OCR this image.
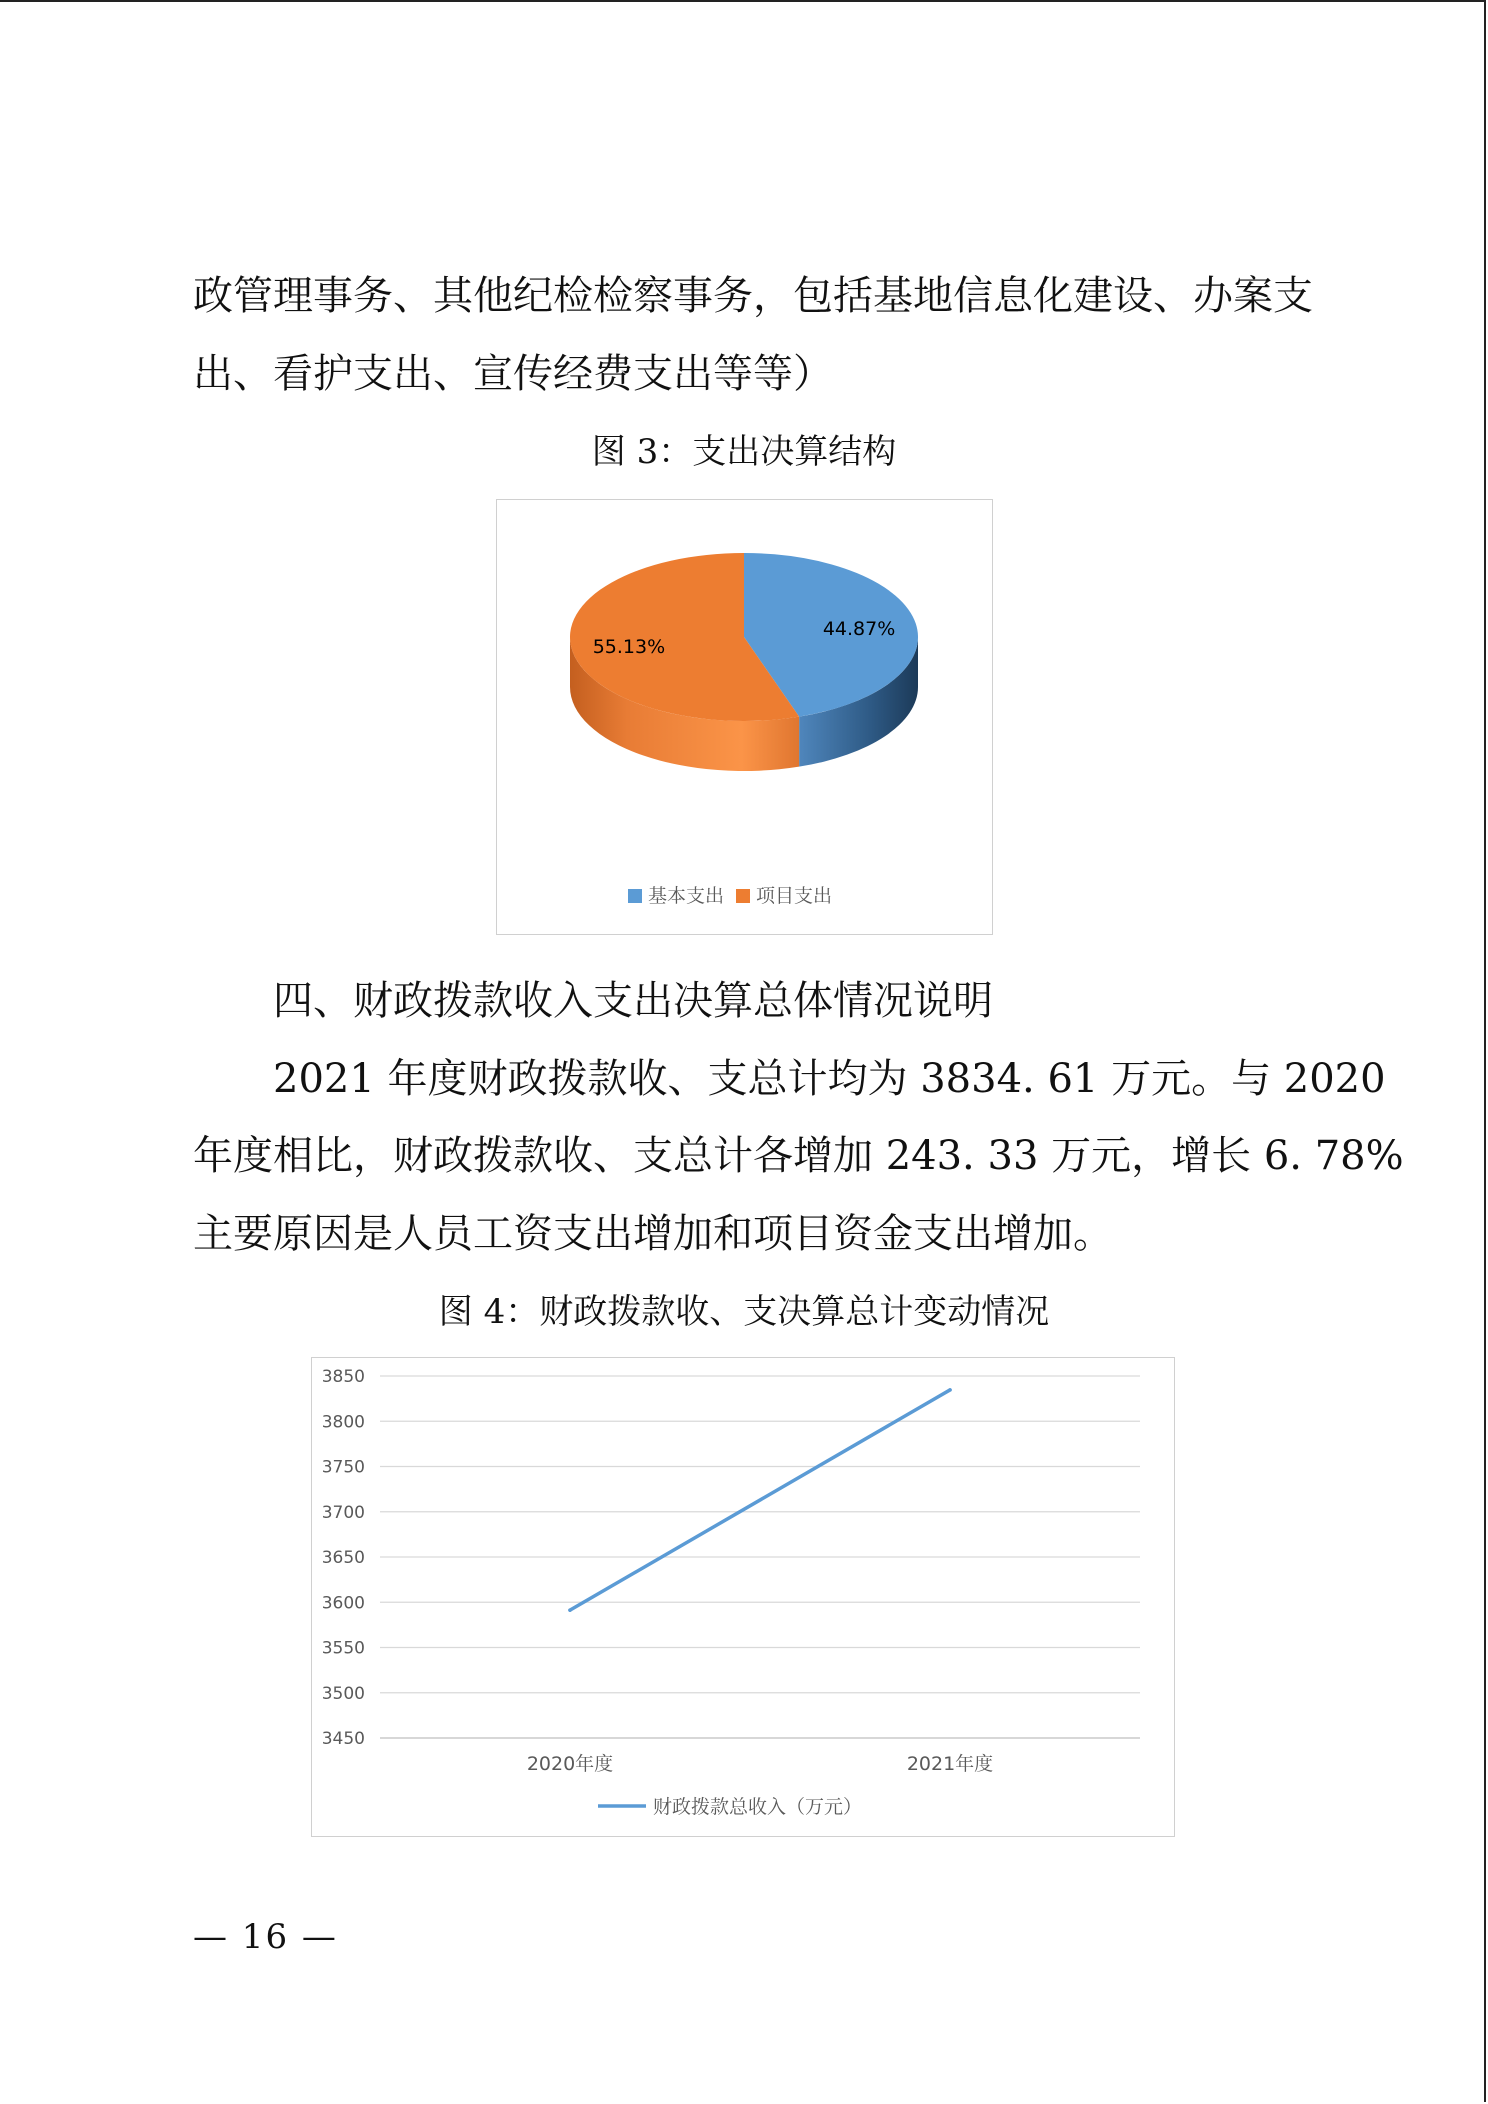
政管理事务、其他纪检检察事务，包括基地信息化建设、办案支

出、看护支出、宣传经费支出等等）

图 3：支出决算结构

44.87%
55.13%
基本支出 项目支出

四、财政拨款收入支出决算总体情况说明

2021 年度财政拨款收、支总计均为 3834. 61 万元。与 2020

年度相比，财政拨款收、支总计各增加 243. 33 万元，增长 6. 78%

主要原因是人员工资支出增加和项目资金支出增加。

图 4：财政拨款收、支决算总计变动情况

3450
3500
3550
3600
3650
3700
3750
3800
3850
2020年度	2021年度
财政拨款总收入（万元）
— 16 —
